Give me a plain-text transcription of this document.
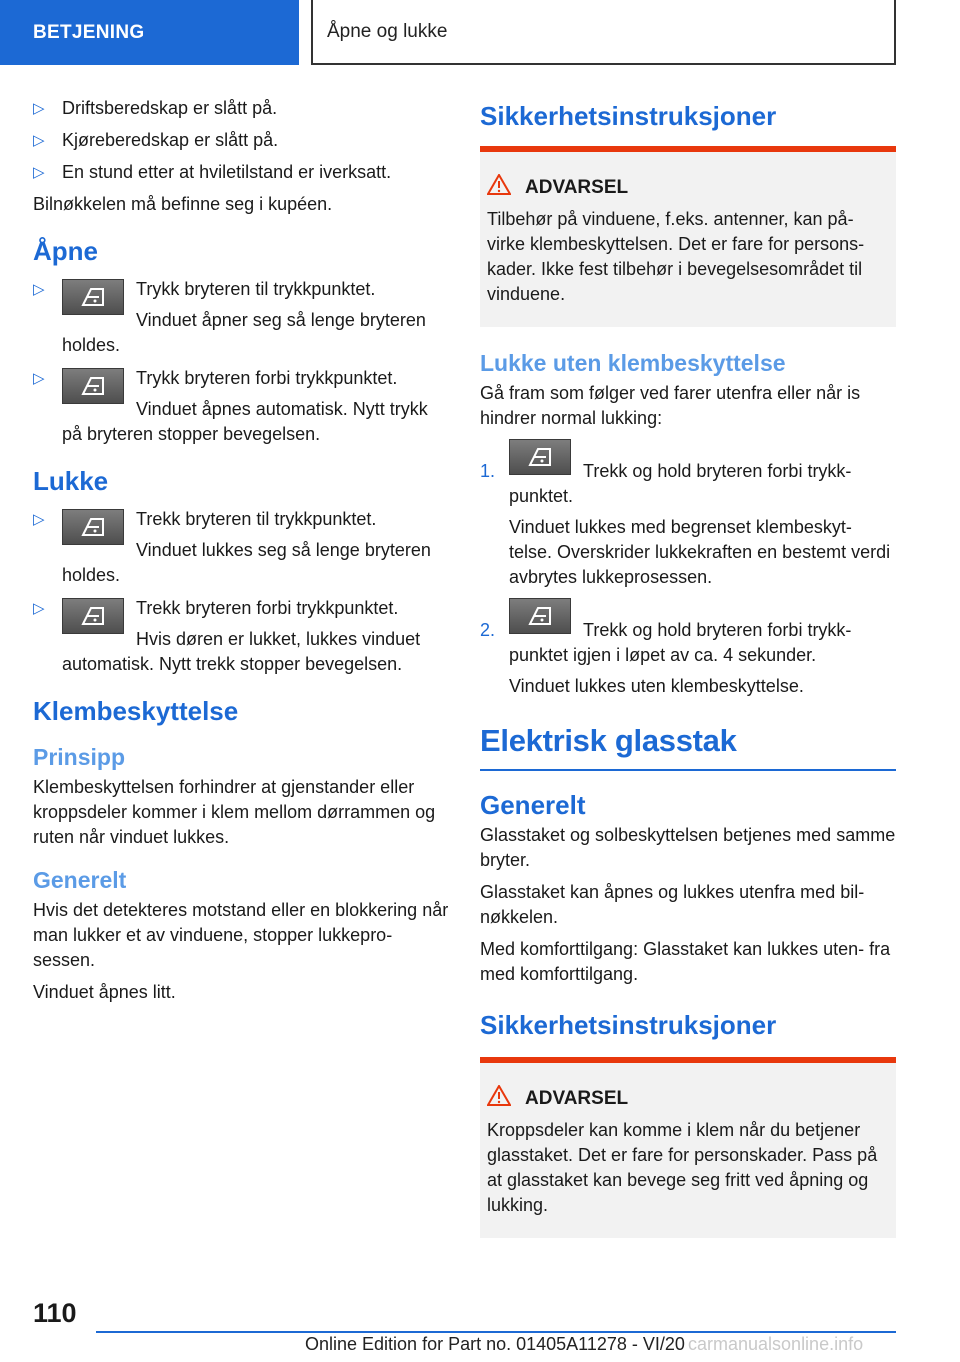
BETJENING	Åpne og lukke
▷ Driftsberedskap er slått på.
▷ Kjøreberedskap er slått på.
▷ En stund etter at hviletilstand er iverksatt.

Bilnøkkelen må befinne seg i kupéen.

Åpne
▷	Trykk bryteren til trykkpunktet.
Vinduet åpner seg så lenge bryteren
holdes.
▷	Trykk bryteren forbi trykkpunktet.
Vinduet åpnes automatisk. Nytt trykk
på bryteren stopper bevegelsen.
Lukke
▷	Trekk bryteren til trykkpunktet.
Vinduet lukkes seg så lenge bryteren
holdes.
▷	Trekk bryteren forbi trykkpunktet.
Hvis døren er lukket, lukkes vinduet
automatisk. Nytt trekk stopper bevegelsen.
Klembeskyttelse
Prinsipp

Klembeskyttelsen forhindrer at gjenstander eller kroppsdeler kommer i klem mellom dørrammen og ruten når vinduet lukkes.

Generelt

Hvis det detekteres motstand eller en blokkering når man lukker et av vinduene, stopper lukkepro- sessen.

Vinduet åpnes litt.

Sikkerhetsinstruksjoner
ADVARSEL

Tilbehør på vinduene, f.eks. antenner, kan på- virke klembeskyttelsen. Det er fare for persons- kader. Ikke fest tilbehør i bevegelsesområdet til vinduene.

Lukke uten klembeskyttelse

Gå fram som følger ved farer utenfra eller når is hindrer normal lukking:

1.	Trekk og hold bryteren forbi trykk- punktet.

Vinduet lukkes med begrenset klembeskyt- telse. Overskrider lukkekraften en bestemt verdi avbrytes lukkeprosessen.

2.	Trekk og hold bryteren forbi trykk- punktet igjen i løpet av ca. 4 sekunder.

Vinduet lukkes uten klembeskyttelse.

Elektrisk glasstak
Generelt

Glasstaket og solbeskyttelsen betjenes med samme bryter.

Glasstaket kan åpnes og lukkes utenfra med bil- nøkkelen.

Med komforttilgang: Glasstaket kan lukkes uten- fra med komforttilgang.

Sikkerhetsinstruksjoner
ADVARSEL

Kroppsdeler kan komme i klem når du betjener glasstaket. Det er fare for personskader. Pass på at glasstaket kan bevege seg fritt ved åpning og lukking.

110
Online Edition for Part no. 01405A11278 - VI/20 carmanualsonline.info
